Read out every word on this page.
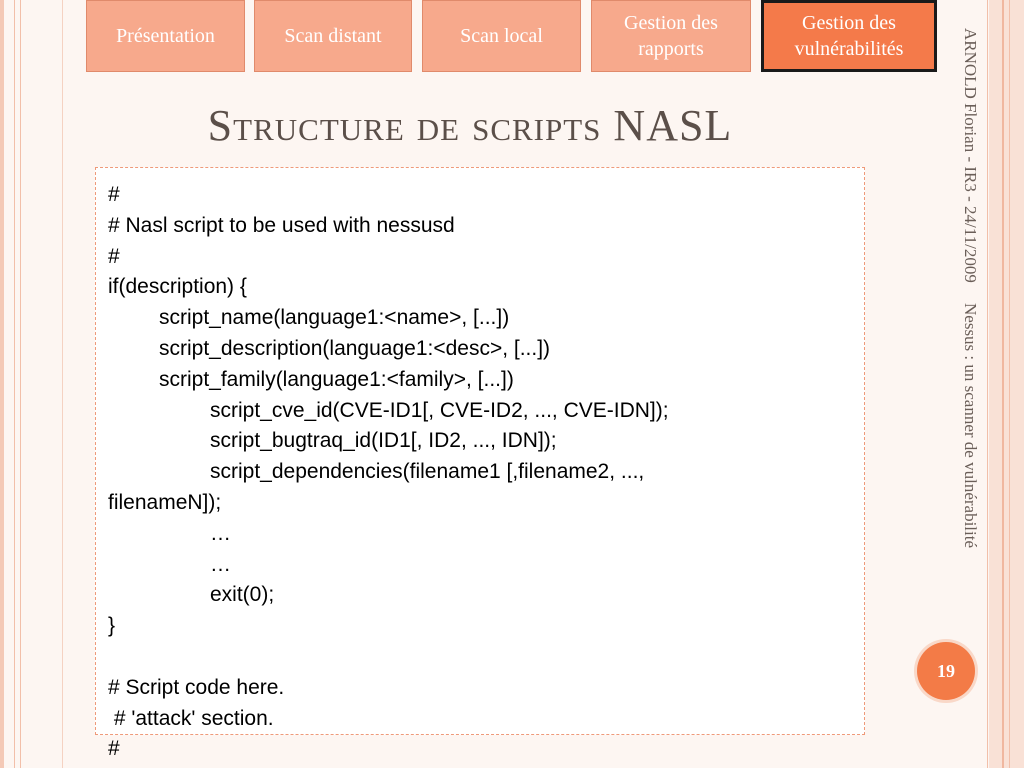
Présentation	Scan distant	Scan local
Gestion des rapports
Gestion des vulnérabilités
Structure de scripts NASL
#
# Nasl script to be used with nessusd
#
if(description) {
script_name(language1:<name>, [...])
script_description(language1:<desc>, [...])
script_family(language1:<family>, [...])
script_cve_id(CVE-ID1[, CVE-ID2, ..., CVE-IDN]);
script_bugtraq_id(ID1[, ID2, ..., IDN]);
script_dependencies(filename1 [,filename2, ...,
filenameN]);
…
…
exit(0);
}
# Script code here.
# 'attack' section.
#
ARNOLD Florian - IR3 - 24/11/2009 Nessus : un scanner de vulnérabilité
19
